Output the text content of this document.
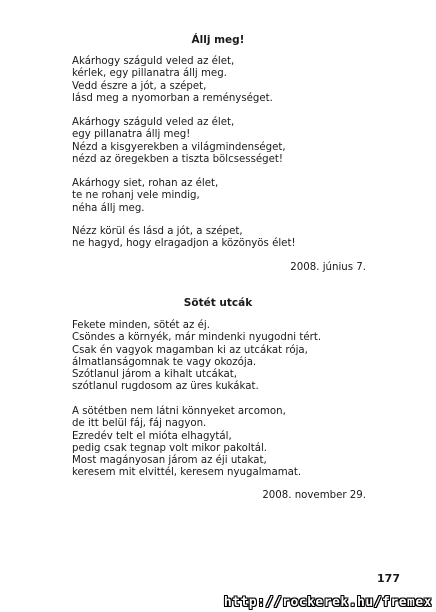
Állj meg!
Akárhogy száguld veled az élet,
kérlek, egy pillanatra állj meg.
Vedd észre a jót, a szépet,
lásd meg a nyomorban a reménységet.
Akárhogy száguld veled az élet,
egy pillanatra állj meg!
Nézd a kisgyerekben a világmindenséget,
nézd az öregekben a tiszta bölcsességet!
Akárhogy siet, rohan az élet,
te ne rohanj vele mindig,
néha állj meg.
Nézz körül és lásd a jót, a szépet,
ne hagyd, hogy elragadjon a közönyös élet!

2008. június 7.

Sötét utcák
Fekete minden, sötét az éj.
Csöndes a környék, már mindenki nyugodni tért.
Csak én vagyok magamban ki az utcákat rója,
álmatlanságomnak te vagy okozója.
Szótlanul járom a kihalt utcákat,
szótlanul rugdosom az üres kukákat.
A sötétben nem látni könnyeket arcomon,
de itt belül fáj, fáj nagyon.
Ezredév telt el mióta elhagytál,
pedig csak tegnap volt mikor pakoltál.
Most magányosan járom az éji utakat,
keresem mit elvittél, keresem nyugalmamat.

2008. november 29.

177

http://rockerek.hu/fremex
